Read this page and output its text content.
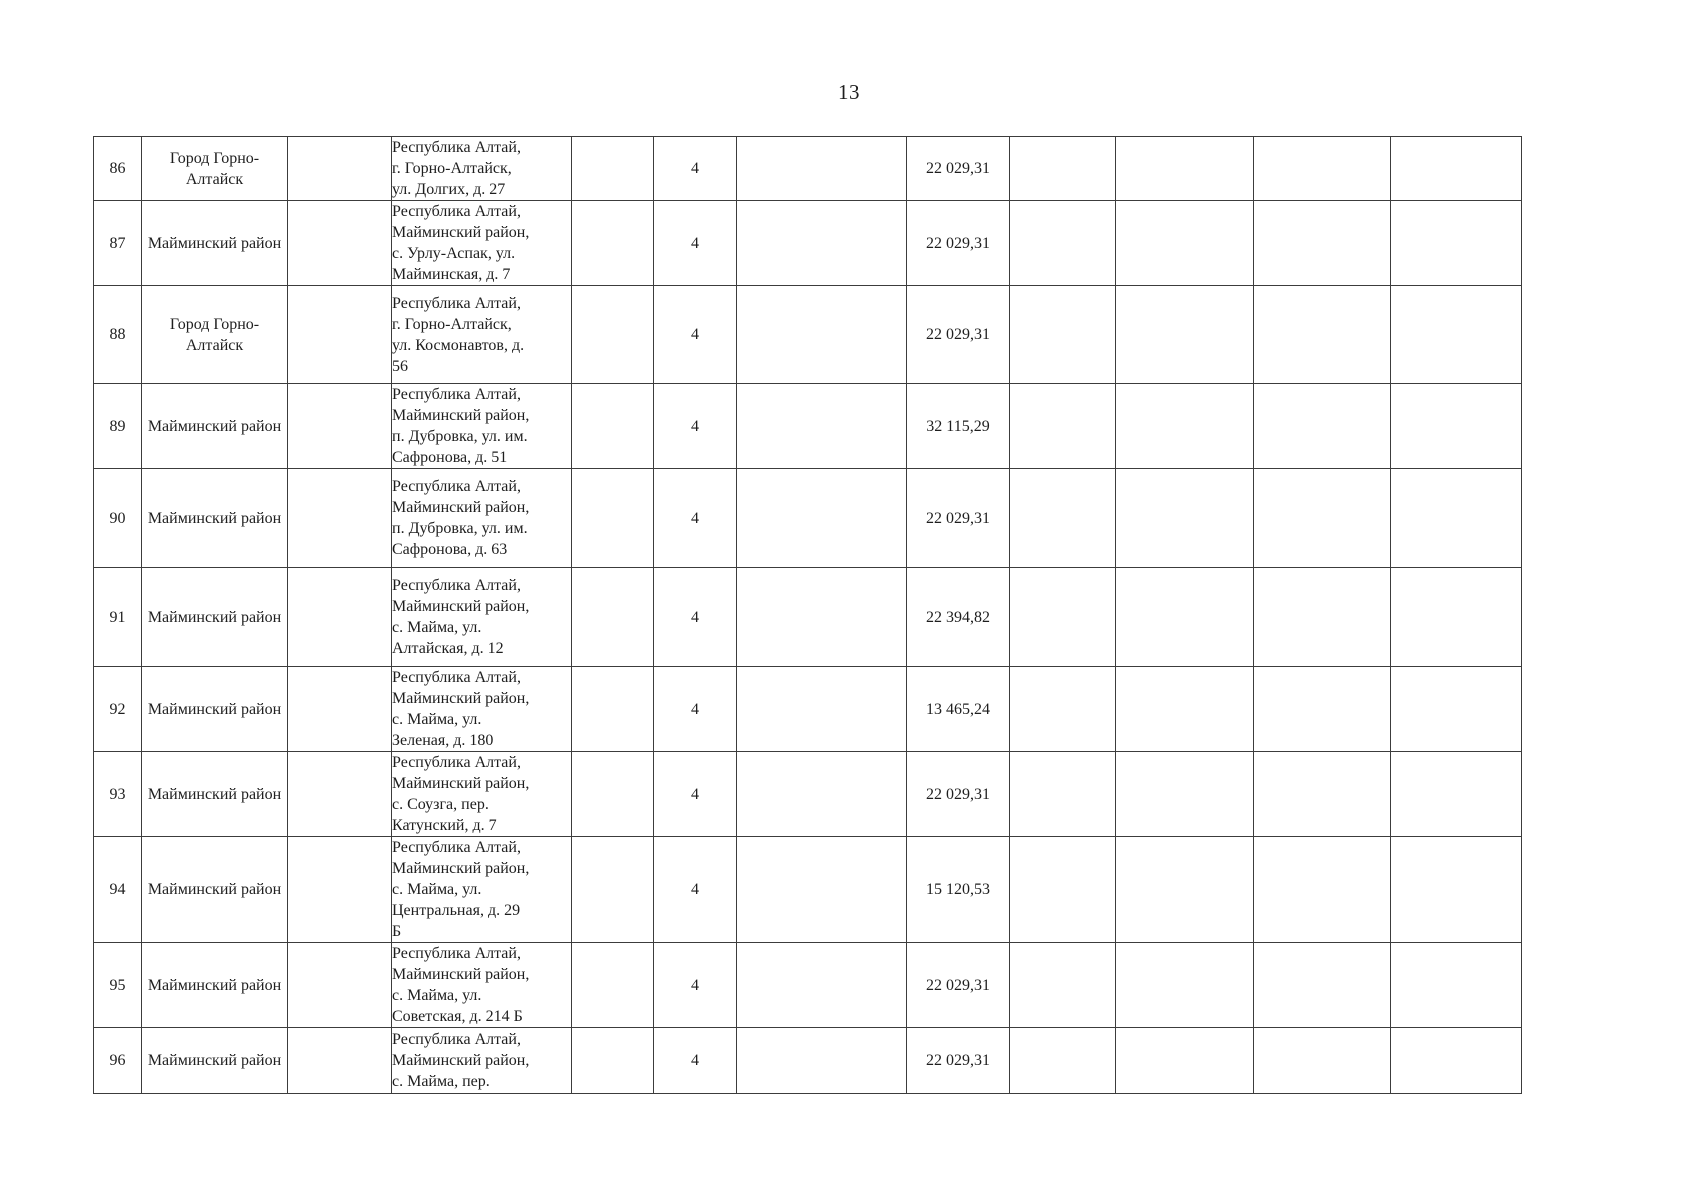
13
86	Город Горно-Алтайск		Республика Алтай,
г. Горно-Алтайск,
ул. Долгих, д. 27		4		22 029,31				
87	Майминский район		Республика Алтай,
Майминский район,
с. Урлу-Аспак, ул.
Майминская, д. 7		4		22 029,31				
88	Город Горно-Алтайск		Республика Алтай,
г. Горно-Алтайск,
ул. Космонавтов, д.
56		4		22 029,31				
89	Майминский район		Республика Алтай,
Майминский район,
п. Дубровка, ул. им.
Сафронова, д. 51		4		32 115,29				
90	Майминский район		Республика Алтай,
Майминский район,
п. Дубровка, ул. им.
Сафронова, д. 63		4		22 029,31				
91	Майминский район		Республика Алтай,
Майминский район,
с. Майма, ул.
Алтайская, д. 12		4		22 394,82				
92	Майминский район		Республика Алтай,
Майминский район,
с. Майма, ул.
Зеленая, д. 180		4		13 465,24				
93	Майминский район		Республика Алтай,
Майминский район,
с. Соузга, пер.
Катунский, д. 7		4		22 029,31				
94	Майминский район		Республика Алтай,
Майминский район,
с. Майма, ул.
Центральная, д. 29
Б		4		15 120,53				
95	Майминский район		Республика Алтай,
Майминский район,
с. Майма, ул.
Советская, д. 214 Б		4		22 029,31				
96	Майминский район		Республика Алтай,
Майминский район,
с. Майма, пер.		4		22 029,31				
